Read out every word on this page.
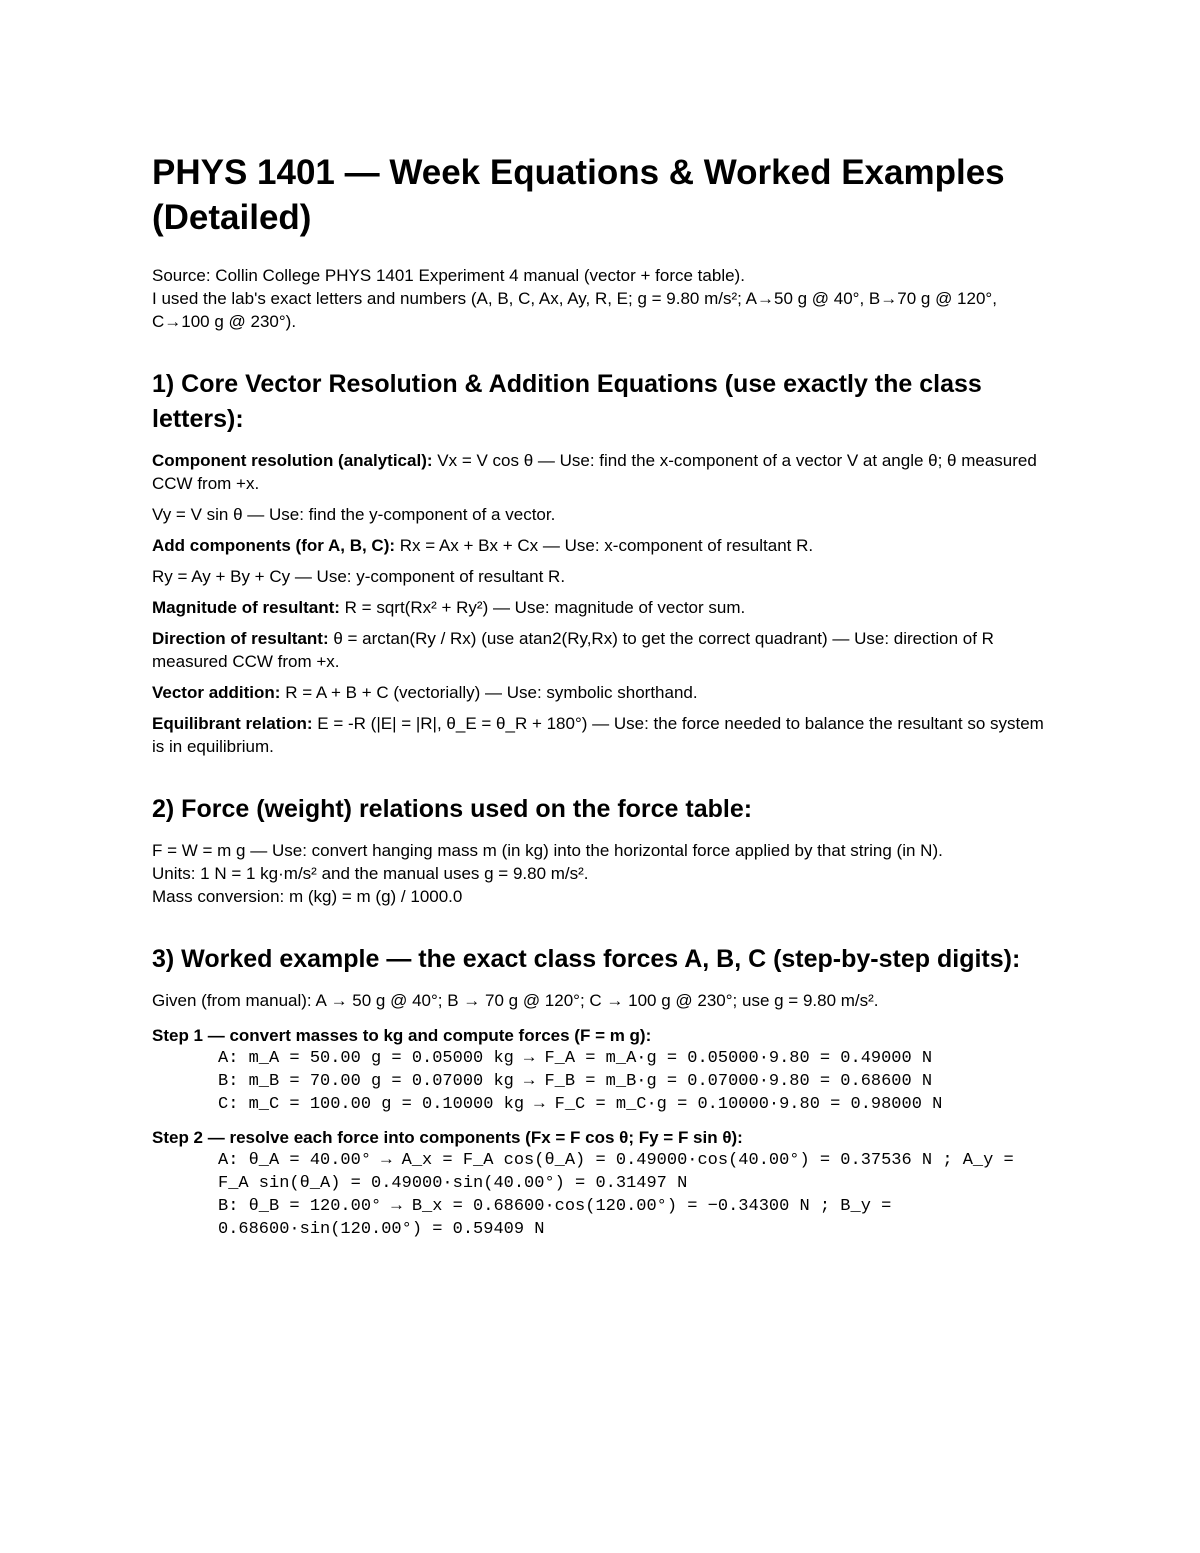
PHYS 1401 — Week Equations & Worked Examples (Detailed)

Source: Collin College PHYS 1401 Experiment 4 manual (vector + force table).

I used the lab's exact letters and numbers (A, B, C, Ax, Ay, R, E; g = 9.80 m/s²; A→50 g @ 40°, B→70 g @ 120°, C→100 g @ 230°).

1) Core Vector Resolution & Addition Equations (use exactly the class letters):

Component resolution (analytical): Vx = V cos θ — Use: find the x-component of a vector V at angle θ; θ measured CCW from +x.

Vy = V sin θ — Use: find the y-component of a vector.

Add components (for A, B, C): Rx = Ax + Bx + Cx — Use: x-component of resultant R.

Ry = Ay + By + Cy — Use: y-component of resultant R.

Magnitude of resultant: R = sqrt(Rx² + Ry²) — Use: magnitude of vector sum.

Direction of resultant: θ = arctan(Ry / Rx) (use atan2(Ry,Rx) to get the correct quadrant) — Use: direction of R measured CCW from +x.

Vector addition: R = A + B + C (vectorially) — Use: symbolic shorthand.

Equilibrant relation: E = -R (|E| = |R|, θ_E = θ_R + 180°) — Use: the force needed to balance the resultant so system is in equilibrium.

2) Force (weight) relations used on the force table:

F = W = m g — Use: convert hanging mass m (in kg) into the horizontal force applied by that string (in N).

Units: 1 N = 1 kg·m/s² and the manual uses g = 9.80 m/s².

Mass conversion: m (kg) = m (g) / 1000.0

3) Worked example — the exact class forces A, B, C (step-by-step digits):

Given (from manual): A → 50 g @ 40°; B → 70 g @ 120°; C → 100 g @ 230°; use g = 9.80 m/s².

Step 1 — convert masses to kg and compute forces (F = m g):

A: m_A = 50.00 g = 0.05000 kg → F_A = m_A·g = 0.05000·9.80 = 0.49000 N
B: m_B = 70.00 g = 0.07000 kg → F_B = m_B·g = 0.07000·9.80 = 0.68600 N
C: m_C = 100.00 g = 0.10000 kg → F_C = m_C·g = 0.10000·9.80 = 0.98000 N

Step 2 — resolve each force into components (Fx = F cos θ; Fy = F sin θ):

A: θ_A = 40.00° → A_x = F_A cos(θ_A) = 0.49000·cos(40.00°) = 0.37536 N ; A_y = F_A sin(θ_A) = 0.49000·sin(40.00°) = 0.31497 N
B: θ_B = 120.00° → B_x = 0.68600·cos(120.00°) = −0.34300 N ; B_y = 0.68600·sin(120.00°) = 0.59409 N
